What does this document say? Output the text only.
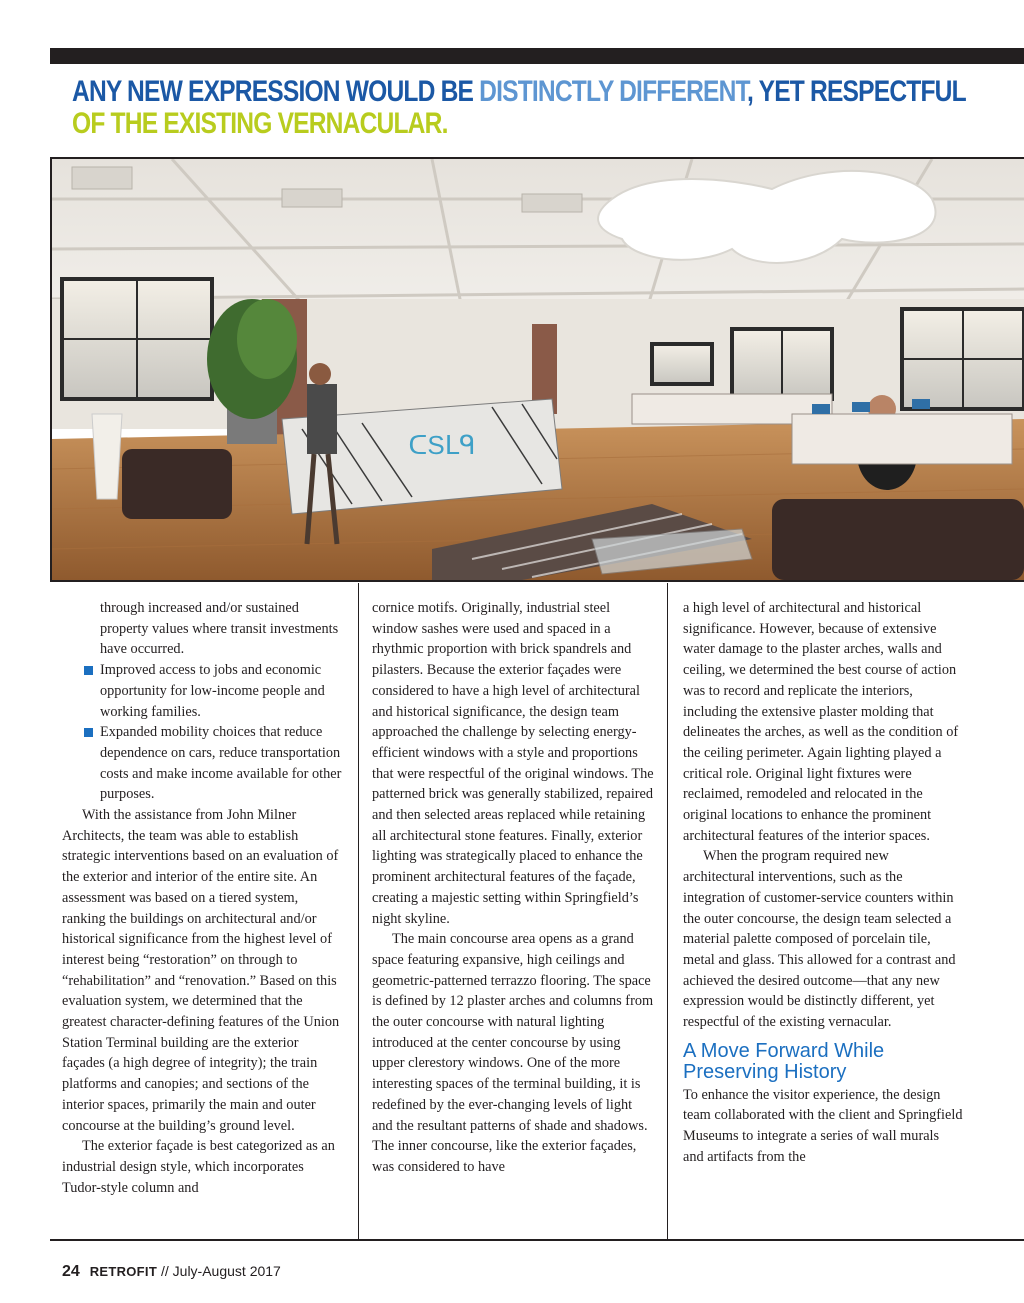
ANY NEW EXPRESSION WOULD BE DISTINCTLY DIFFERENT, YET RESPECTFUL
OF THE EXISTING VERNACULAR.
ᑕSᒪᑫ

through increased and/or sustained property values where transit investments have occurred.

Improved access to jobs and economic opportunity for low-income people and working families.

Expanded mobility choices that reduce dependence on cars, reduce transportation costs and make income available for other purposes.

With the assistance from John Milner Architects, the team was able to establish strategic interventions based on an evaluation of the exterior and interior of the entire site. An assessment was based on a tiered system, ranking the buildings on architectural and/or historical significance from the highest level of interest being “restoration” on through to “rehabilitation” and “renovation.” Based on this evaluation system, we determined that the greatest character-defining features of the Union Station Terminal building are the exterior façades (a high degree of integrity); the train platforms and canopies; and sections of the interior spaces, primarily the main and outer concourse at the building’s ground level.

The exterior façade is best categorized as an industrial design style, which incorporates Tudor-style column and

cornice motifs. Originally, industrial steel window sashes were used and spaced in a rhythmic proportion with brick spandrels and pilasters. Because the exterior façades were considered to have a high level of architectural and historical significance, the design team approached the challenge by selecting energy-efficient windows with a style and proportions that were respectful of the original windows. The patterned brick was generally stabilized, repaired and then selected areas replaced while retaining all architectural stone features. Finally, exterior lighting was strategically placed to enhance the prominent architectural features of the façade, creating a majestic setting within Springfield’s night skyline.

The main concourse area opens as a grand space featuring expansive, high ceilings and geometric-patterned terrazzo flooring. The space is defined by 12 plaster arches and columns from the outer concourse with natural lighting introduced at the center concourse by using upper clerestory windows. One of the more interesting spaces of the terminal building, it is redefined by the ever-changing levels of light and the resultant patterns of shade and shadows. The inner concourse, like the exterior façades, was considered to have

a high level of architectural and historical significance. However, because of extensive water damage to the plaster arches, walls and ceiling, we determined the best course of action was to record and replicate the interiors, including the extensive plaster molding that delineates the arches, as well as the condition of the ceiling perimeter. Again lighting played a critical role. Original light fixtures were reclaimed, remodeled and relocated in the original locations to enhance the prominent architectural features of the interior spaces.

When the program required new architectural interventions, such as the integration of customer-service counters within the outer concourse, the design team selected a material palette composed of porcelain tile, metal and glass. This allowed for a contrast and achieved the desired outcome—that any new expression would be distinctly different, yet respectful of the existing vernacular.

A Move Forward While Preserving History

To enhance the visitor experience, the design team collaborated with the client and Springfield Museums to integrate a series of wall murals and artifacts from the

24 RETROFIT // July-August 2017
